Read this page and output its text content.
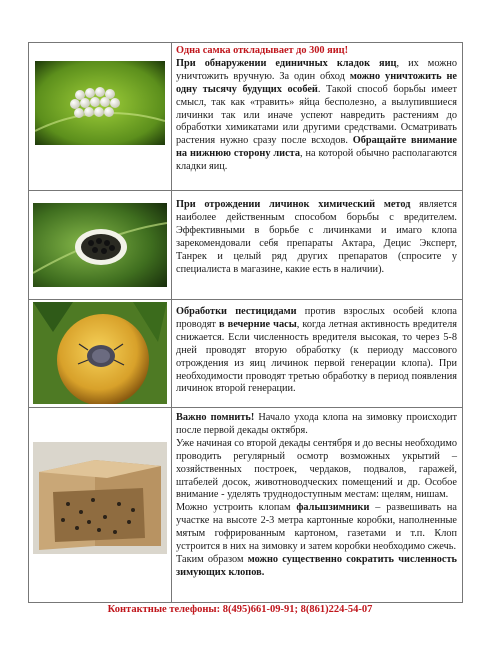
Одна самка откладывает до 300 яиц!

При обнаружении единичных кладок яиц, их можно уничтожить вручную. За один обход можно уничтожить не одну тысячу будущих особей. Такой способ борьбы имеет смысл, так как «травить» яйца бесполезно, а вылупившиеся личинки так или иначе успеют навредить растениям до обработки химикатами или другими средствами. Осматривать растения нужно сразу после всходов. Обращайте внимание на нижнюю сторону листа, на которой обычно располагаются кладки яиц.

При отрождении личинок химический метод является наиболее действенным способом борьбы с вредителем. Эффективными в борьбе с личинками и имаго клопа зарекомендовали себя препараты Актара, Децис Эксперт, Танрек и целый ряд других препаратов (спросите у специалиста в магазине, какие есть в наличии).

Обработки пестицидами против взрослых особей клопа проводят в вечерние часы, когда летная активность вредителя снижается. Если численность вредителя высокая, то через 5-8 дней проводят вторую обработку (к периоду массового отрождения из яиц личинок первой генерации клопа). При необходимости проводят третью обработку в период появления личинок второй генерации.

Важно помнить! Начало ухода клопа на зимовку происходит после первой декады октября.

Уже начиная со второй декады сентября и до весны необходимо проводить регулярный осмотр возможных укрытий – хозяйственных построек, чердаков, подвалов, гаражей, штабелей досок, животноводческих помещений и др. Особое внимание - уделять труднодоступным местам: щелям, нишам.

Можно устроить клопам фальшзимники – развешивать на участке на высоте 2-3 метра картонные коробки, наполненные мятым гофрированным картоном, газетами и т.п. Клоп устроится в них на зимовку и затем коробки необходимо сжечь.

Таким образом можно существенно сократить численность зимующих клопов.

Контактные телефоны: 8(495)661-09-91; 8(861)224-54-07
